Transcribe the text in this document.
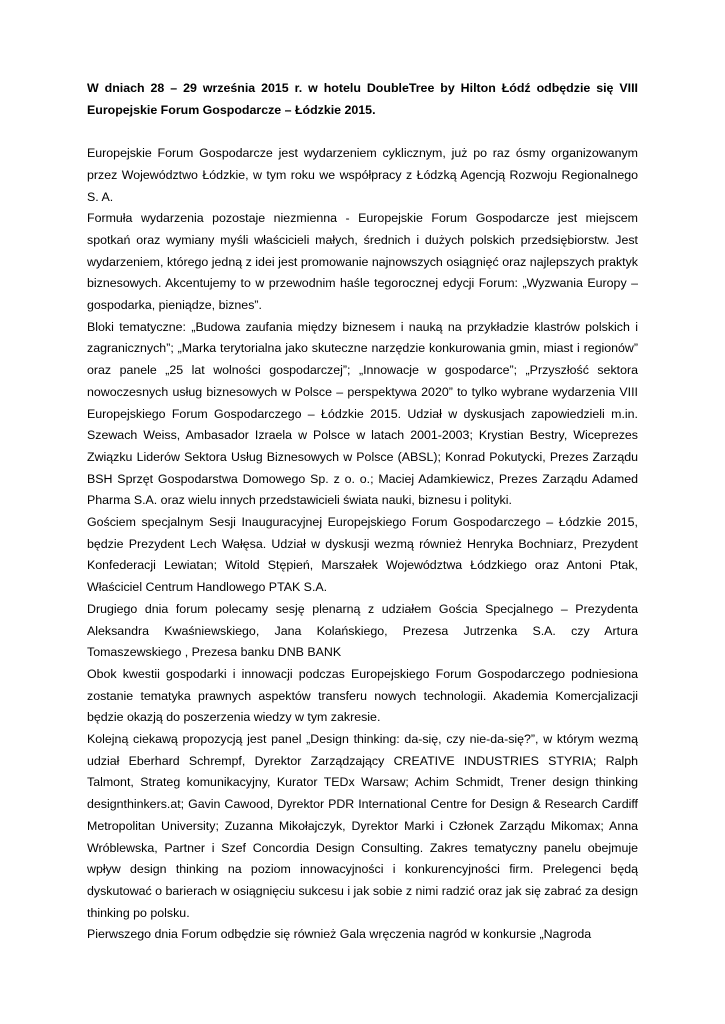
W dniach 28 – 29 września 2015 r. w hotelu DoubleTree by Hilton Łódź odbędzie się VIII Europejskie Forum Gospodarcze – Łódzkie 2015.

Europejskie Forum Gospodarcze jest wydarzeniem cyklicznym, już po raz ósmy organizowanym przez Województwo Łódzkie, w tym roku we współpracy z Łódzką Agencją Rozwoju Regionalnego S. A.

Formuła wydarzenia pozostaje niezmienna - Europejskie Forum Gospodarcze jest miejscem spotkań oraz wymiany myśli właścicieli małych, średnich i dużych polskich przedsiębiorstw. Jest wydarzeniem, którego jedną z idei jest promowanie najnowszych osiągnięć oraz najlepszych praktyk biznesowych. Akcentujemy to w przewodnim haśle tegorocznej edycji Forum: „Wyzwania Europy – gospodarka, pieniądze, biznes”.

Bloki tematyczne: „Budowa zaufania między biznesem i nauką na przykładzie klastrów polskich i zagranicznych”; „Marka terytorialna jako skuteczne narzędzie konkurowania gmin, miast i regionów” oraz panele „25 lat wolności gospodarczej”; „Innowacje w gospodarce”; „Przyszłość sektora nowoczesnych usług biznesowych w Polsce – perspektywa 2020” to tylko wybrane wydarzenia VIII Europejskiego Forum Gospodarczego – Łódzkie 2015. Udział w dyskusjach zapowiedzieli m.in. Szewach Weiss, Ambasador Izraela w Polsce w latach 2001-2003; Krystian Bestry, Wiceprezes Związku Liderów Sektora Usług Biznesowych w Polsce (ABSL); Konrad Pokutycki, Prezes Zarządu BSH Sprzęt Gospodarstwa Domowego Sp. z o. o.; Maciej Adamkiewicz, Prezes Zarządu Adamed Pharma S.A. oraz wielu innych przedstawicieli świata nauki, biznesu i polityki.

Gościem specjalnym Sesji Inauguracyjnej Europejskiego Forum Gospodarczego – Łódzkie 2015, będzie Prezydent Lech Wałęsa. Udział w dyskusji wezmą również Henryka Bochniarz, Prezydent Konfederacji Lewiatan; Witold Stępień, Marszałek Województwa Łódzkiego oraz Antoni Ptak, Właściciel Centrum Handlowego PTAK S.A.

Drugiego dnia forum polecamy sesję plenarną z udziałem Gościa Specjalnego – Prezydenta Aleksandra Kwaśniewskiego, Jana Kolańskiego, Prezesa Jutrzenka S.A. czy Artura Tomaszewskiego , Prezesa banku DNB BANK

Obok kwestii gospodarki i innowacji podczas Europejskiego Forum Gospodarczego podniesiona zostanie tematyka prawnych aspektów transferu nowych technologii. Akademia Komercjalizacji będzie okazją do poszerzenia wiedzy w tym zakresie.

Kolejną ciekawą propozycją jest panel „Design thinking: da-się, czy nie-da-się?”, w którym wezmą udział Eberhard Schrempf, Dyrektor Zarządzający CREATIVE INDUSTRIES STYRIA; Ralph Talmont, Strateg komunikacyjny, Kurator TEDx Warsaw; Achim Schmidt, Trener design thinking designthinkers.at; Gavin Cawood, Dyrektor PDR International Centre for Design & Research Cardiff Metropolitan University; Zuzanna Mikołajczyk, Dyrektor Marki i Członek Zarządu Mikomax; Anna Wróblewska, Partner i Szef Concordia Design Consulting. Zakres tematyczny panelu obejmuje wpływ design thinking na poziom innowacyjności i konkurencyjności firm. Prelegenci będą dyskutować o barierach w osiągnięciu sukcesu i jak sobie z nimi radzić oraz jak się zabrać za design thinking po polsku.

Pierwszego dnia Forum odbędzie się również Gala wręczenia nagród w konkursie „Nagroda
